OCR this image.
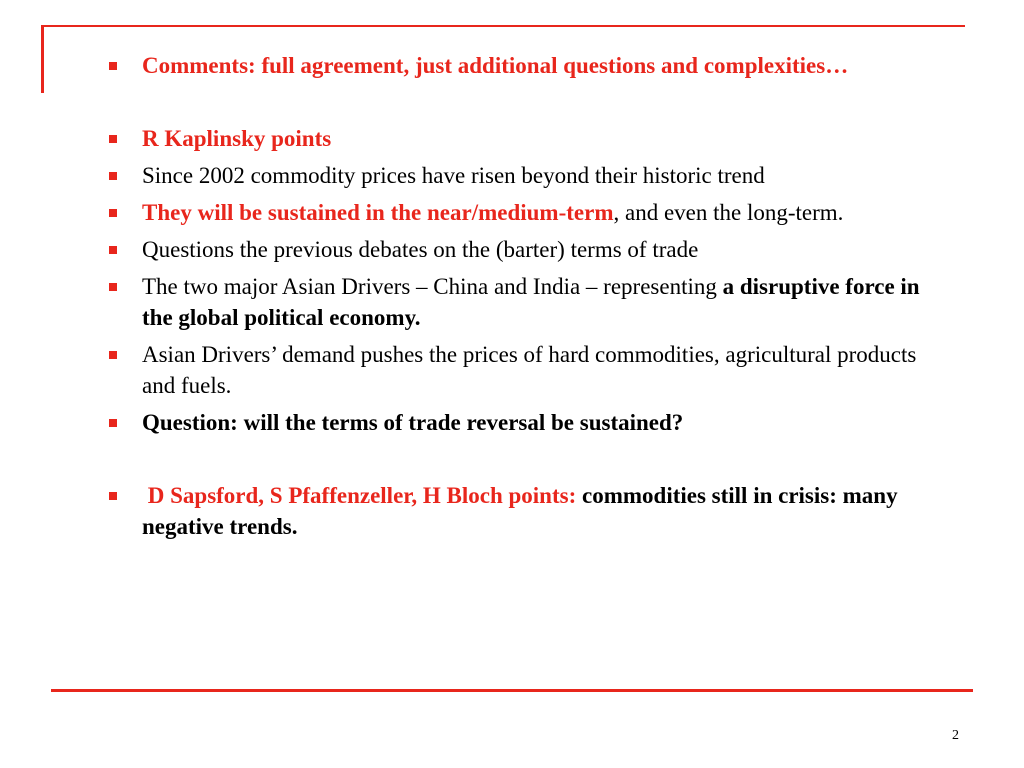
Comments: full agreement, just additional questions and complexities…
R Kaplinsky points
Since 2002 commodity prices have risen beyond their historic trend
They will be sustained in the near/medium-term, and even the long-term.
Questions the previous debates on the (barter) terms of trade
The two major Asian Drivers – China and India – representing a disruptive force in the global political economy.
Asian Drivers’ demand pushes the prices of hard commodities, agricultural products and fuels.
Question: will the terms of trade reversal be sustained?
D Sapsford, S Pfaffenzeller, H Bloch points: commodities still in crisis: many negative trends.
2
